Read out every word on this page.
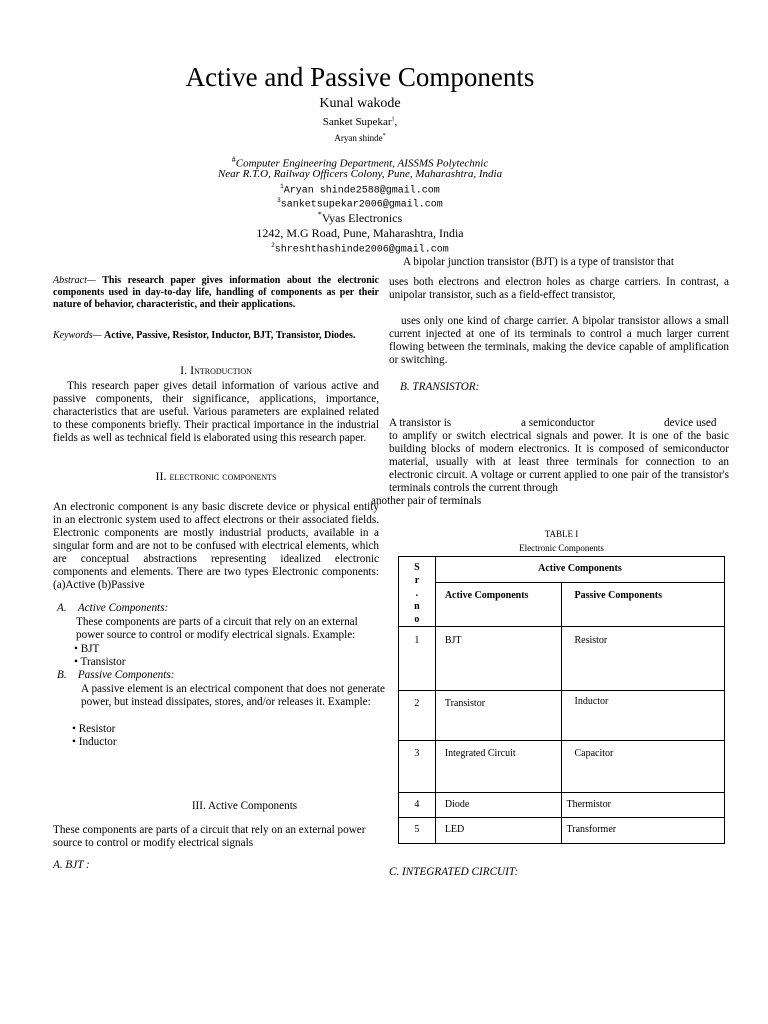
Active and Passive Components
Kunal wakode
Sanket Supekar$^1$,
Aryan shinde*
#Computer Engineering Department, AISSMS Polytechnic
Near R.T.O, Railway Officers Colony, Pune, Maharashtra, India
$^1$Aryan shinde2588@gmail.com
$^3$sanketsupekar2006@gmail.com
*Vyas Electronics
1242, M.G Road, Pune, Maharashtra, India
$^2$shreshthashinde2006@gmail.com
Abstract— This research paper gives information about the electronic components used in day-to-day life, handling of components as per their nature of behavior, characteristic, and their applications.
Keywords— Active, Passive, Resistor, Inductor, BJT, Transistor, Diodes.
I. Introduction
This research paper gives detail information of various active and passive components, their significance, applications, importance, characteristics that are useful. Various parameters are explained related to these components briefly. Their practical importance in the industrial fields as well as technical field is elaborated using this research paper.
II. electronic components
An electronic component is any basic discrete device or physical entity in an electronic system used to affect electrons or their associated fields. Electronic components are mostly industrial products, available in a singular form and are not to be confused with electrical elements, which are conceptual abstractions representing idealized electronic components and elements. There are two types Electronic components: (a)Active (b)Passive
A. Active Components:
These components are parts of a circuit that rely on an external power source to control or modify electrical signals. Example:
• BJT
• Transistor
B. Passive Components:
A passive element is an electrical component that does not generate power, but instead dissipates, stores, and/or releases it. Example:
• Resistor
• Inductor
III. Active Components
These components are parts of a circuit that rely on an external power source to control or modify electrical signals
A. BJT :
A bipolar junction transistor (BJT) is a type of transistor that
uses both electrons and electron holes as charge carriers. In contrast, a unipolar transistor, such as a field-effect transistor,
uses only one kind of charge carrier. A bipolar transistor allows a small current injected at one of its terminals to control a much larger current flowing between the terminals, making the device capable of amplification or switching.
B. TRANSISTOR:
A transistor is	a semiconductor	device used
to amplify or switch electrical signals and power. It is one of the basic building blocks of modern electronics. It is composed of semiconductor material, usually with at least three terminals for connection to an electronic circuit. A voltage or current applied to one pair of the transistor's terminals controls the current through
another pair of terminals
TABLE I
Electronic Components
S
r
.
n
o	Active Components	
	Active Components	Passive Components
1	BJT	Resistor
2	Transistor	Inductor
3	Integrated Circuit	Capacitor
4	Diode	Thermistor
5	LED	Transformer
C. INTEGRATED CIRCUIT:
